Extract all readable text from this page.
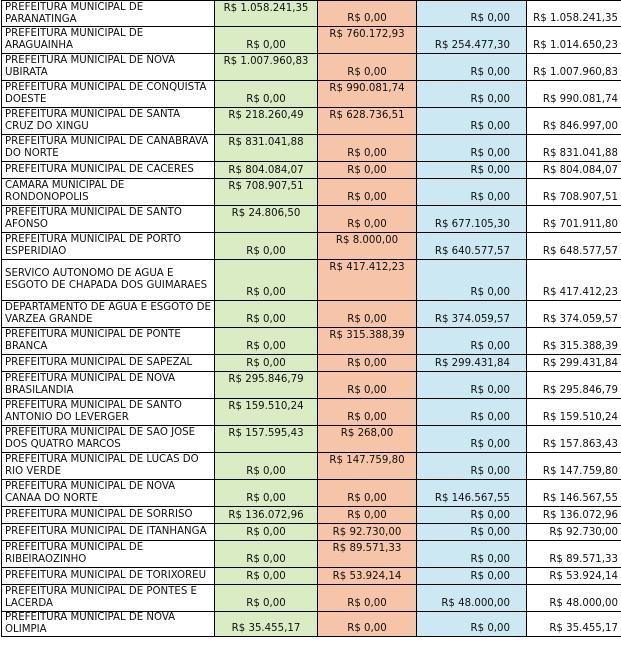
PREFEITURA MUNICIPAL DE PARANATINGA	R$ 1.058.241,35	R$ 0,00	R$ 0,00	R$ 1.058.241,35
PREFEITURA MUNICIPAL DE ARAGUAINHA	R$ 0,00	R$ 760.172,93	R$ 254.477,30	R$ 1.014.650,23
PREFEITURA MUNICIPAL DE NOVA UBIRATA	R$ 1.007.960,83	R$ 0,00	R$ 0,00	R$ 1.007.960,83
PREFEITURA MUNICIPAL DE CONQUISTA DOESTE	R$ 0,00	R$ 990.081,74	R$ 0,00	R$ 990.081,74
PREFEITURA MUNICIPAL DE SANTA CRUZ DO XINGU	R$ 218.260,49	R$ 628.736,51	R$ 0,00	R$ 846.997,00
PREFEITURA MUNICIPAL DE CANABRAVA DO NORTE	R$ 831.041,88	R$ 0,00	R$ 0,00	R$ 831.041,88
PREFEITURA MUNICIPAL DE CACERES	R$ 804.084,07	R$ 0,00	R$ 0,00	R$ 804.084,07
CAMARA MUNICIPAL DE RONDONOPOLIS	R$ 708.907,51	R$ 0,00	R$ 0,00	R$ 708.907,51
PREFEITURA MUNICIPAL DE SANTO AFONSO	R$ 24.806,50	R$ 0,00	R$ 677.105,30	R$ 701.911,80
PREFEITURA MUNICIPAL DE PORTO ESPERIDIAO	R$ 0,00	R$ 8.000,00	R$ 640.577,57	R$ 648.577,57
SERVICO AUTONOMO DE AGUA E ESGOTO DE CHAPADA DOS GUIMARAES	R$ 0,00	R$ 417.412,23	R$ 0,00	R$ 417.412,23
DEPARTAMENTO DE AGUA E ESGOTO DE VARZEA GRANDE	R$ 0,00	R$ 0,00	R$ 374.059,57	R$ 374.059,57
PREFEITURA MUNICIPAL DE PONTE BRANCA	R$ 0,00	R$ 315.388,39	R$ 0,00	R$ 315.388,39
PREFEITURA MUNICIPAL DE SAPEZAL	R$ 0,00	R$ 0,00	R$ 299.431,84	R$ 299.431,84
PREFEITURA MUNICIPAL DE NOVA BRASILANDIA	R$ 295.846,79	R$ 0,00	R$ 0,00	R$ 295.846,79
PREFEITURA MUNICIPAL DE SANTO ANTONIO DO LEVERGER	R$ 159.510,24	R$ 0,00	R$ 0,00	R$ 159.510,24
PREFEITURA MUNICIPAL DE SAO JOSE DOS QUATRO MARCOS	R$ 157.595,43	R$ 268,00	R$ 0,00	R$ 157.863,43
PREFEITURA MUNICIPAL DE LUCAS DO RIO VERDE	R$ 0,00	R$ 147.759,80	R$ 0,00	R$ 147.759,80
PREFEITURA MUNICIPAL DE NOVA CANAA DO NORTE	R$ 0,00	R$ 0,00	R$ 146.567,55	R$ 146.567,55
PREFEITURA MUNICIPAL DE SORRISO	R$ 136.072,96	R$ 0,00	R$ 0,00	R$ 136.072,96
PREFEITURA MUNICIPAL DE ITANHANGA	R$ 0,00	R$ 92.730,00	R$ 0,00	R$ 92.730,00
PREFEITURA MUNICIPAL DE RIBEIRAOZINHO	R$ 0,00	R$ 89.571,33	R$ 0,00	R$ 89.571,33
PREFEITURA MUNICIPAL DE TORIXOREU	R$ 0,00	R$ 53.924,14	R$ 0,00	R$ 53.924,14
PREFEITURA MUNICIPAL DE PONTES E LACERDA	R$ 0,00	R$ 0,00	R$ 48.000,00	R$ 48.000,00
PREFEITURA MUNICIPAL DE NOVA OLIMPIA	R$ 35.455,17	R$ 0,00	R$ 0,00	R$ 35.455,17
